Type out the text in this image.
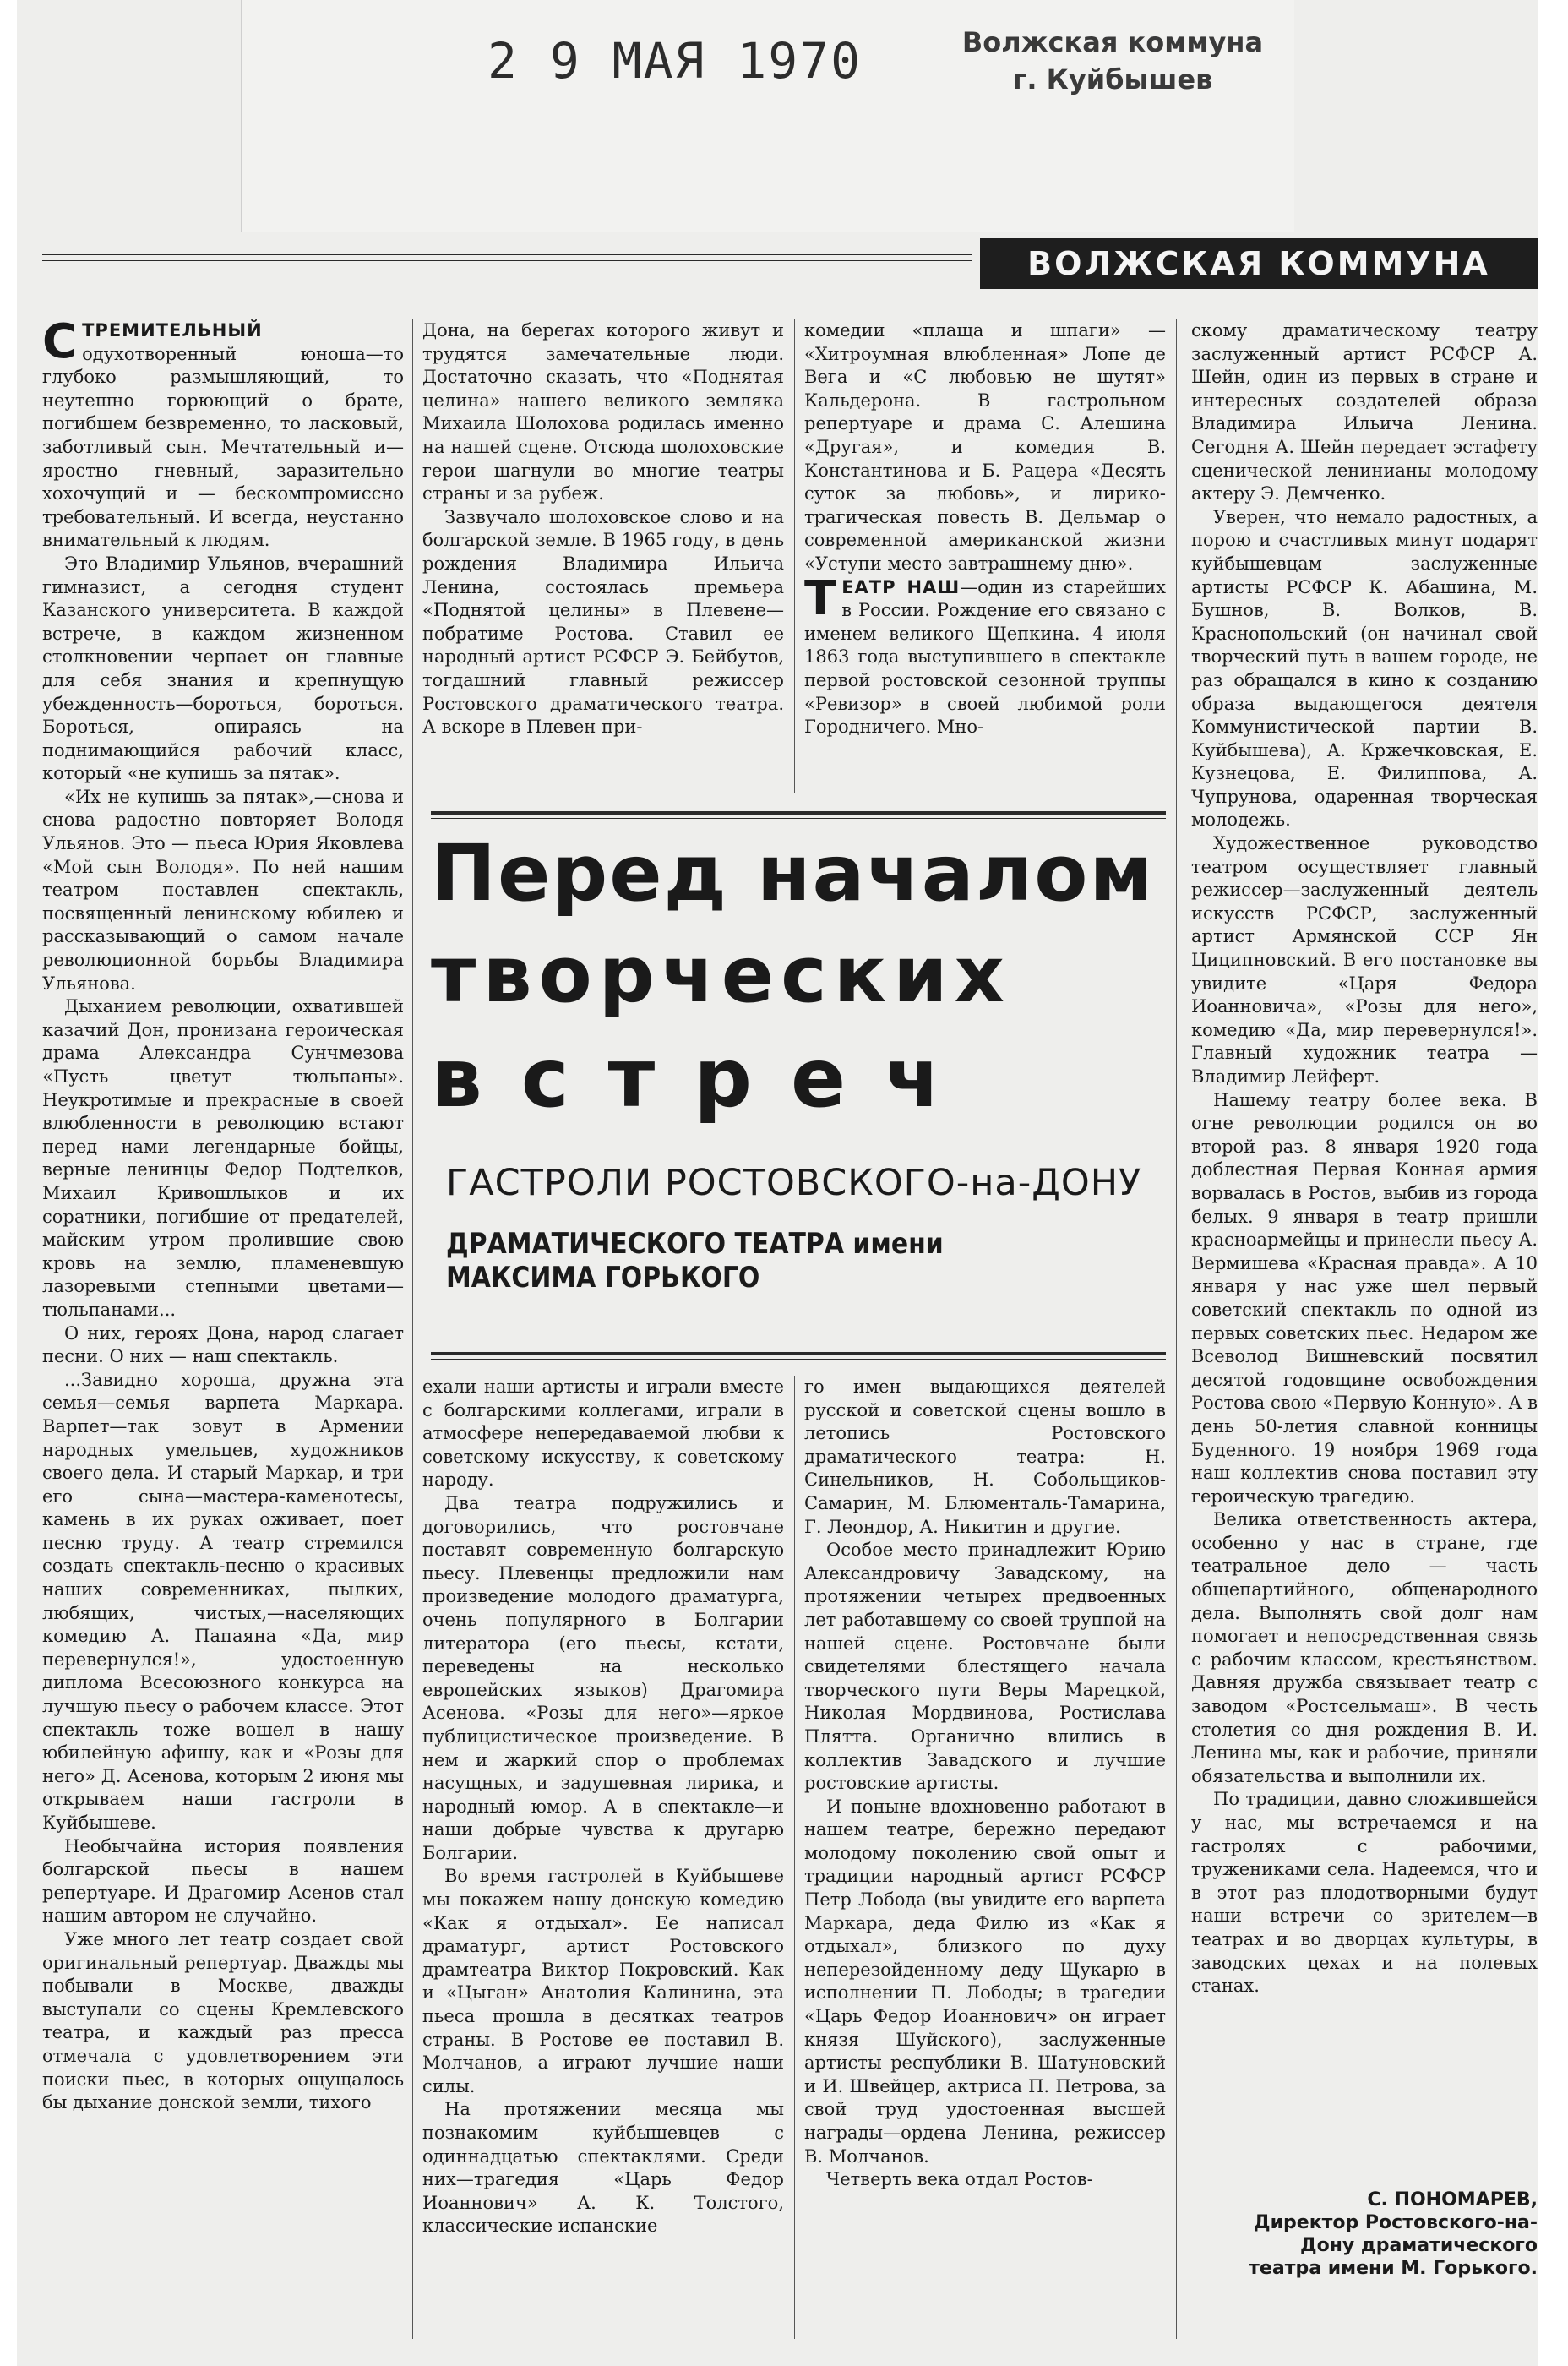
2 9 МАЯ 1970	Волжская коммуна
г. Куйбышев
ВОЛЖСКАЯ КОММУНА

СТРЕМИТЕЛЬНЫЙ одухотворенный юноша—то глубоко размышляющий, то неутешно горюющий о брате, погибшем безвременно, то ласковый, заботливый сын. Мечтательный и—яростно гневный, заразительно хохочущий и — бескомпромиссно требовательный. И всегда, неустанно внимательный к людям.

Это Владимир Ульянов, вчерашний гимназист, а сегодня студент Казанского университета. В каждой встрече, в каждом жизненном столкновении черпает он главные для себя знания и крепнущую убежденность—бороться, бороться. Бороться, опираясь на поднимающийся рабочий класс, который «не купишь за пятак».

«Их не купишь за пятак»,—снова и снова радостно повторяет Володя Ульянов. Это — пьеса Юрия Яковлева «Мой сын Володя». По ней нашим театром поставлен спектакль, посвященный ленинскому юбилею и рассказывающий о самом начале революционной борьбы Владимира Ульянова.

Дыханием революции, охватившей казачий Дон, пронизана героическая драма Александра Сунчмезова «Пусть цветут тюльпаны». Неукротимые и прекрасные в своей влюбленности в революцию встают перед нами легендарные бойцы, верные ленинцы Федор Подтелков, Михаил Кривошлыков и их соратники, погибшие от предателей, майским утром пролившие свою кровь на землю, пламеневшую лазоревыми степными цветами—тюльпанами...

О них, героях Дона, народ слагает песни. О них — наш спектакль.

...Завидно хороша, дружна эта семья—семья варпета Маркара. Варпет—так зовут в Армении народных умельцев, художников своего дела. И старый Маркар, и три его сына—мастера-каменотесы, камень в их руках оживает, поет песню труду. А театр стремился создать спектакль-песню о красивых наших современниках, пылких, любящих, чистых,—населяющих комедию А. Папаяна «Да, мир перевернулся!», удостоенную диплома Всесоюзного конкурса на лучшую пьесу о рабочем классе. Этот спектакль тоже вошел в нашу юбилейную афишу, как и «Розы для него» Д. Асенова, которым 2 июня мы открываем наши гастроли в Куйбышеве.

Необычайна история появления болгарской пьесы в нашем репертуаре. И Драгомир Асенов стал нашим автором не случайно.

Уже много лет театр создает свой оригинальный репертуар. Дважды мы побывали в Москве, дважды выступали со сцены Кремлевского театра, и каждый раз пресса отмечала с удовлетворением эти поиски пьес, в которых ощущалось бы дыхание донской земли, тихого

Дона, на берегах которого живут и трудятся замечательные люди. Достаточно сказать, что «Поднятая целина» нашего великого земляка Михаила Шолохова родилась именно на нашей сцене. Отсюда шолоховские герои шагнули во многие театры страны и за рубеж.

Зазвучало шолоховское слово и на болгарской земле. В 1965 году, в день рождения Владимира Ильича Ленина, состоялась премьера «Поднятой целины» в Плевене—побратиме Ростова. Ставил ее народный артист РСФСР Э. Бейбутов, тогдашний главный режиссер Ростовского драматического театра. А вскоре в Плевен при-

комедии «плаща и шпаги» — «Хитроумная влюбленная» Лопе де Вега и «С любовью не шутят» Кальдерона. В гастрольном репертуаре и драма С. Алешина «Другая», и комедия В. Константинова и Б. Рацера «Десять суток за любовь», и лирико-трагическая повесть В. Дельмар о современной американской жизни «Уступи место завтрашнему дню».

ТЕАТР НАШ—один из старейших в России. Рождение его связано с именем великого Щепкина. 4 июля 1863 года выступившего в спектакле первой ростовской сезонной труппы «Ревизор» в своей любимой роли Городничего. Мно-

Перед началом
творческих
встреч
ГАСТРОЛИ РОСТОВСКОГО-на-ДОНУ
ДРАМАТИЧЕСКОГО ТЕАТРА имени МАКСИМА ГОРЬКОГО

ехали наши артисты и играли вместе с болгарскими коллегами, играли в атмосфере непередаваемой любви к советскому искусству, к советскому народу.

Два театра подружились и договорились, что ростовчане поставят современную болгарскую пьесу. Плевенцы предложили нам произведение молодого драматурга, очень популярного в Болгарии литератора (его пьесы, кстати, переведены на несколько европейских языков) Драгомира Асенова. «Розы для него»—яркое публицистическое произведение. В нем и жаркий спор о проблемах насущных, и задушевная лирика, и народный юмор. А в спектакле—и наши добрые чувства к другарю Болгарии.

Во время гастролей в Куйбышеве мы покажем нашу донскую комедию «Как я отдыхал». Ее написал драматург, артист Ростовского драмтеатра Виктор Покровский. Как и «Цыган» Анатолия Калинина, эта пьеса прошла в десятках театров страны. В Ростове ее поставил В. Молчанов, а играют лучшие наши силы.

На протяжении месяца мы познакомим куйбышевцев с одиннадцатью спектаклями. Среди них—трагедия «Царь Федор Иоаннович» А. К. Толстого, классические испанские

го имен выдающихся деятелей русской и советской сцены вошло в летопись Ростовского драматического театра: Н. Синельников, Н. Собольщиков-Самарин, М. Блюменталь-Тамарина, Г. Леондор, А. Никитин и другие.

Особое место принадлежит Юрию Александровичу Завадскому, на протяжении четырех предвоенных лет работавшему со своей труппой на нашей сцене. Ростовчане были свидетелями блестящего начала творческого пути Веры Марецкой, Николая Мордвинова, Ростислава Плятта. Органично влились в коллектив Завадского и лучшие ростовские артисты.

И поныне вдохновенно работают в нашем театре, бережно передают молодому поколению свой опыт и традиции народный артист РСФСР Петр Лобода (вы увидите его варпета Маркара, деда Филю из «Как я отдыхал», близкого по духу неперезойденному деду Щукарю в исполнении П. Лободы; в трагедии «Царь Федор Иоаннович» он играет князя Шуйского), заслуженные артисты республики В. Шатуновский и И. Швейцер, актриса П. Петрова, за свой труд удостоенная высшей награды—ордена Ленина, режиссер В. Молчанов.

Четверть века отдал Ростов-

скому драматическому театру заслуженный артист РСФСР А. Шейн, один из первых в стране и интересных создателей образа Владимира Ильича Ленина. Сегодня А. Шейн передает эстафету сценической ленинианы молодому актеру Э. Демченко.

Уверен, что немало радостных, а порою и счастливых минут подарят куйбышевцам заслуженные артисты РСФСР К. Абашина, М. Бушнов, В. Волков, В. Краснопольский (он начинал свой творческий путь в вашем городе, не раз обращался в кино к созданию образа выдающегося деятеля Коммунистической партии В. Куйбышева), А. Кржечковская, Е. Кузнецова, Е. Филиппова, А. Чупрунова, одаренная творческая молодежь.

Художественное руководство театром осуществляет главный режиссер—заслуженный деятель искусств РСФСР, заслуженный артист Армянской ССР Ян Циципновский. В его постановке вы увидите «Царя Федора Иоанновича», «Розы для него», комедию «Да, мир перевернулся!». Главный художник театра — Владимир Лейферт.

Нашему театру более века. В огне революции родился он во второй раз. 8 января 1920 года доблестная Первая Конная армия ворвалась в Ростов, выбив из города белых. 9 января в театр пришли красноармейцы и принесли пьесу А. Вермишева «Красная правда». А 10 января у нас уже шел первый советский спектакль по одной из первых советских пьес. Недаром же Всеволод Вишневский посвятил десятой годовщине освобождения Ростова свою «Первую Конную». А в день 50-летия славной конницы Буденного. 19 ноября 1969 года наш коллектив снова поставил эту героическую трагедию.

Велика ответственность актера, особенно у нас в стране, где театральное дело — часть общепартийного, общенародного дела. Выполнять свой долг нам помогает и непосредственная связь с рабочим классом, крестьянством. Давняя дружба связывает театр с заводом «Ростсельмаш». В честь столетия со дня рождения В. И. Ленина мы, как и рабочие, приняли обязательства и выполнили их.

По традиции, давно сложившейся у нас, мы встречаемся и на гастролях с рабочими, тружениками села. Надеемся, что и в этот раз плодотворными будут наши встречи со зрителем—в театрах и во дворцах культуры, в заводских цехах и на полевых станах.

С. ПОНОМАРЕВ,
Директор Ростовского-на-
Дону драматического
театра имени М. Горького.
